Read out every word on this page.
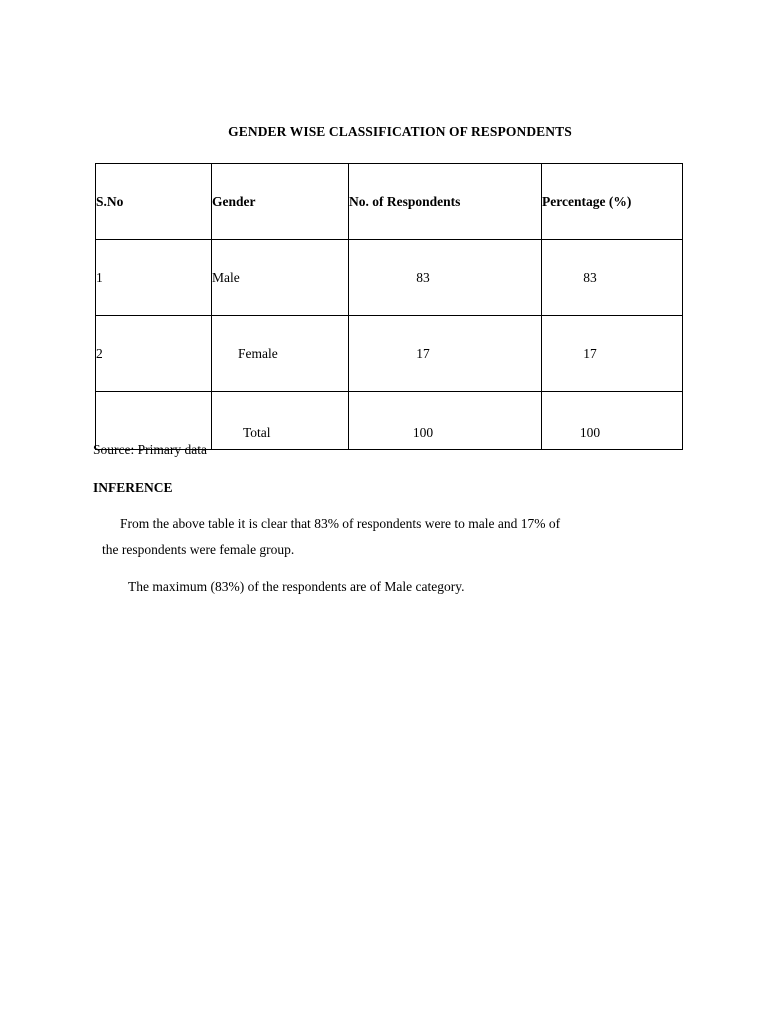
GENDER WISE CLASSIFICATION OF RESPONDENTS
S.No	Gender	No. of Respondents	Percentage (%)
1	Male	83	83
2	Female	17	17
	Total	100	100
Source: Primary data
INFERENCE
From the above table it is clear that 83% of respondents were to male and 17% of
the respondents were female group.
The maximum (83%) of the respondents are of Male category.
